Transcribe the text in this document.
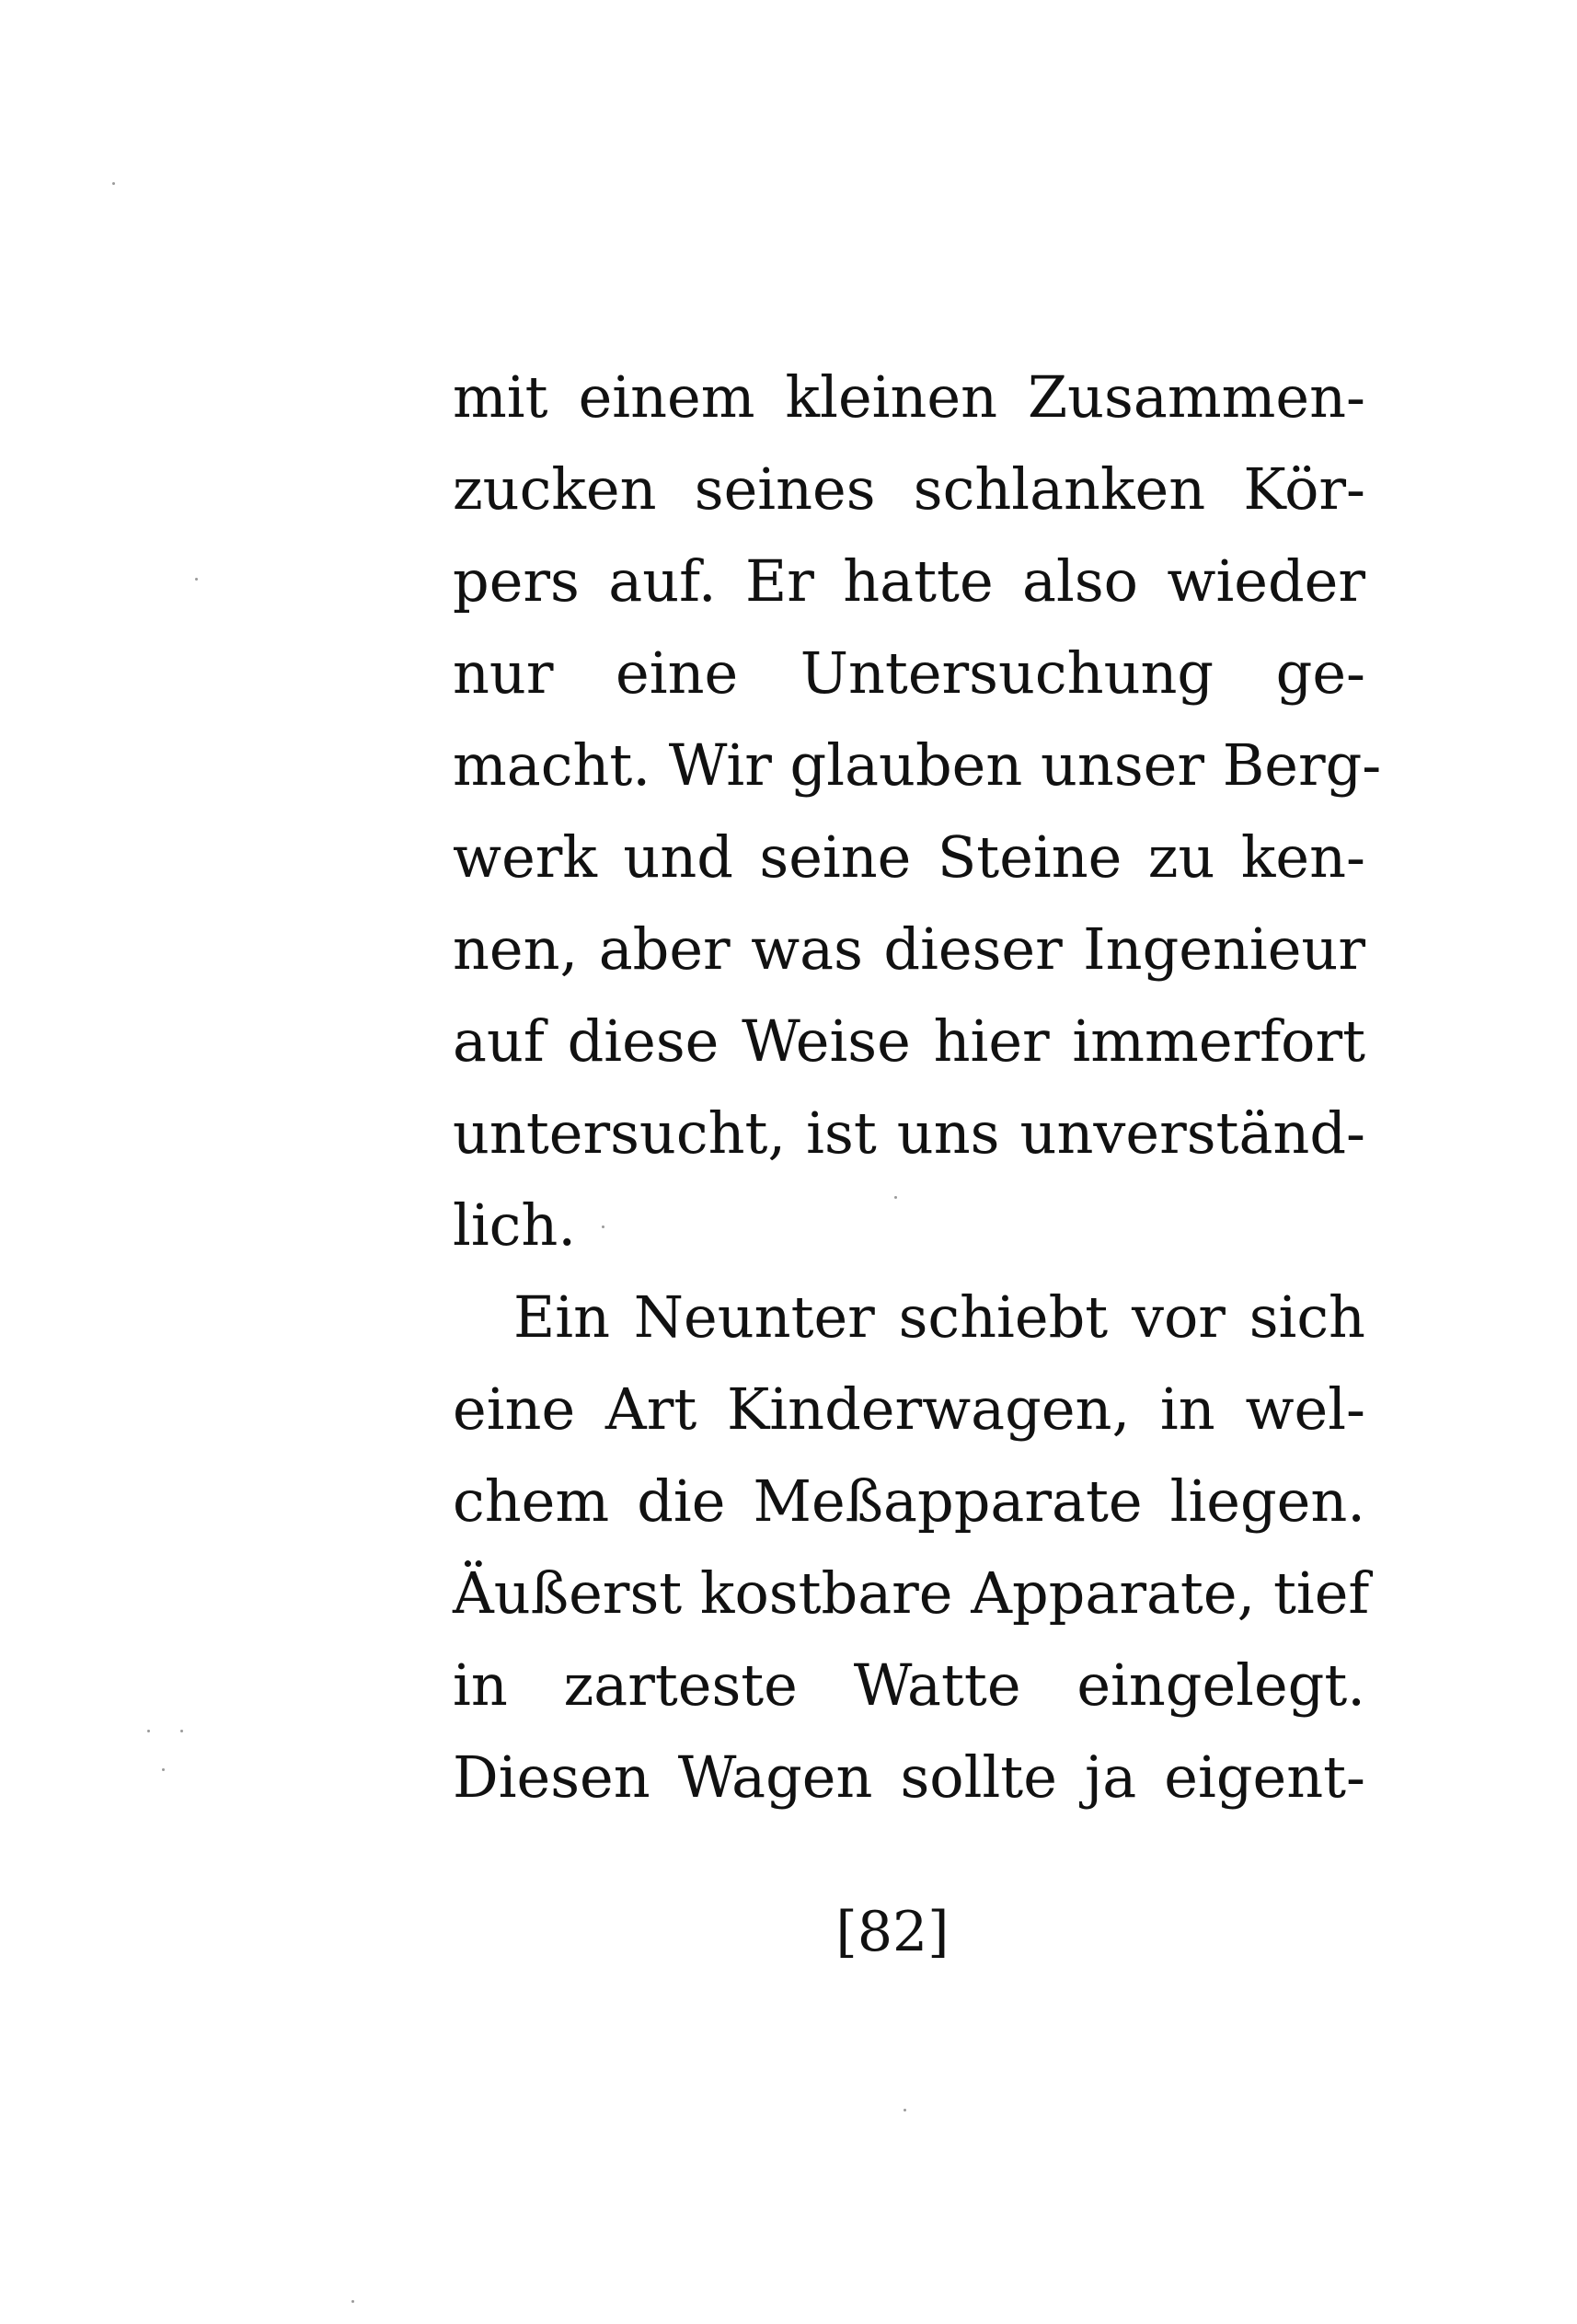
mit einem kleinen Zusammen-
zucken seines schlanken Kör-
pers auf. Er hatte also wieder
nur eine Untersuchung ge-
macht. Wir glauben unser Berg-
werk und seine Steine zu ken-
nen, aber was dieser Ingenieur
auf diese Weise hier immerfort
untersucht, ist uns unverständ-
lich.

Ein Neunter schiebt vor sich
eine Art Kinderwagen, in wel-
chem die Meßapparate liegen.
Äußerst kostbare Apparate, tief
in zarteste Watte eingelegt.
Diesen Wagen sollte ja eigent-

[82]
